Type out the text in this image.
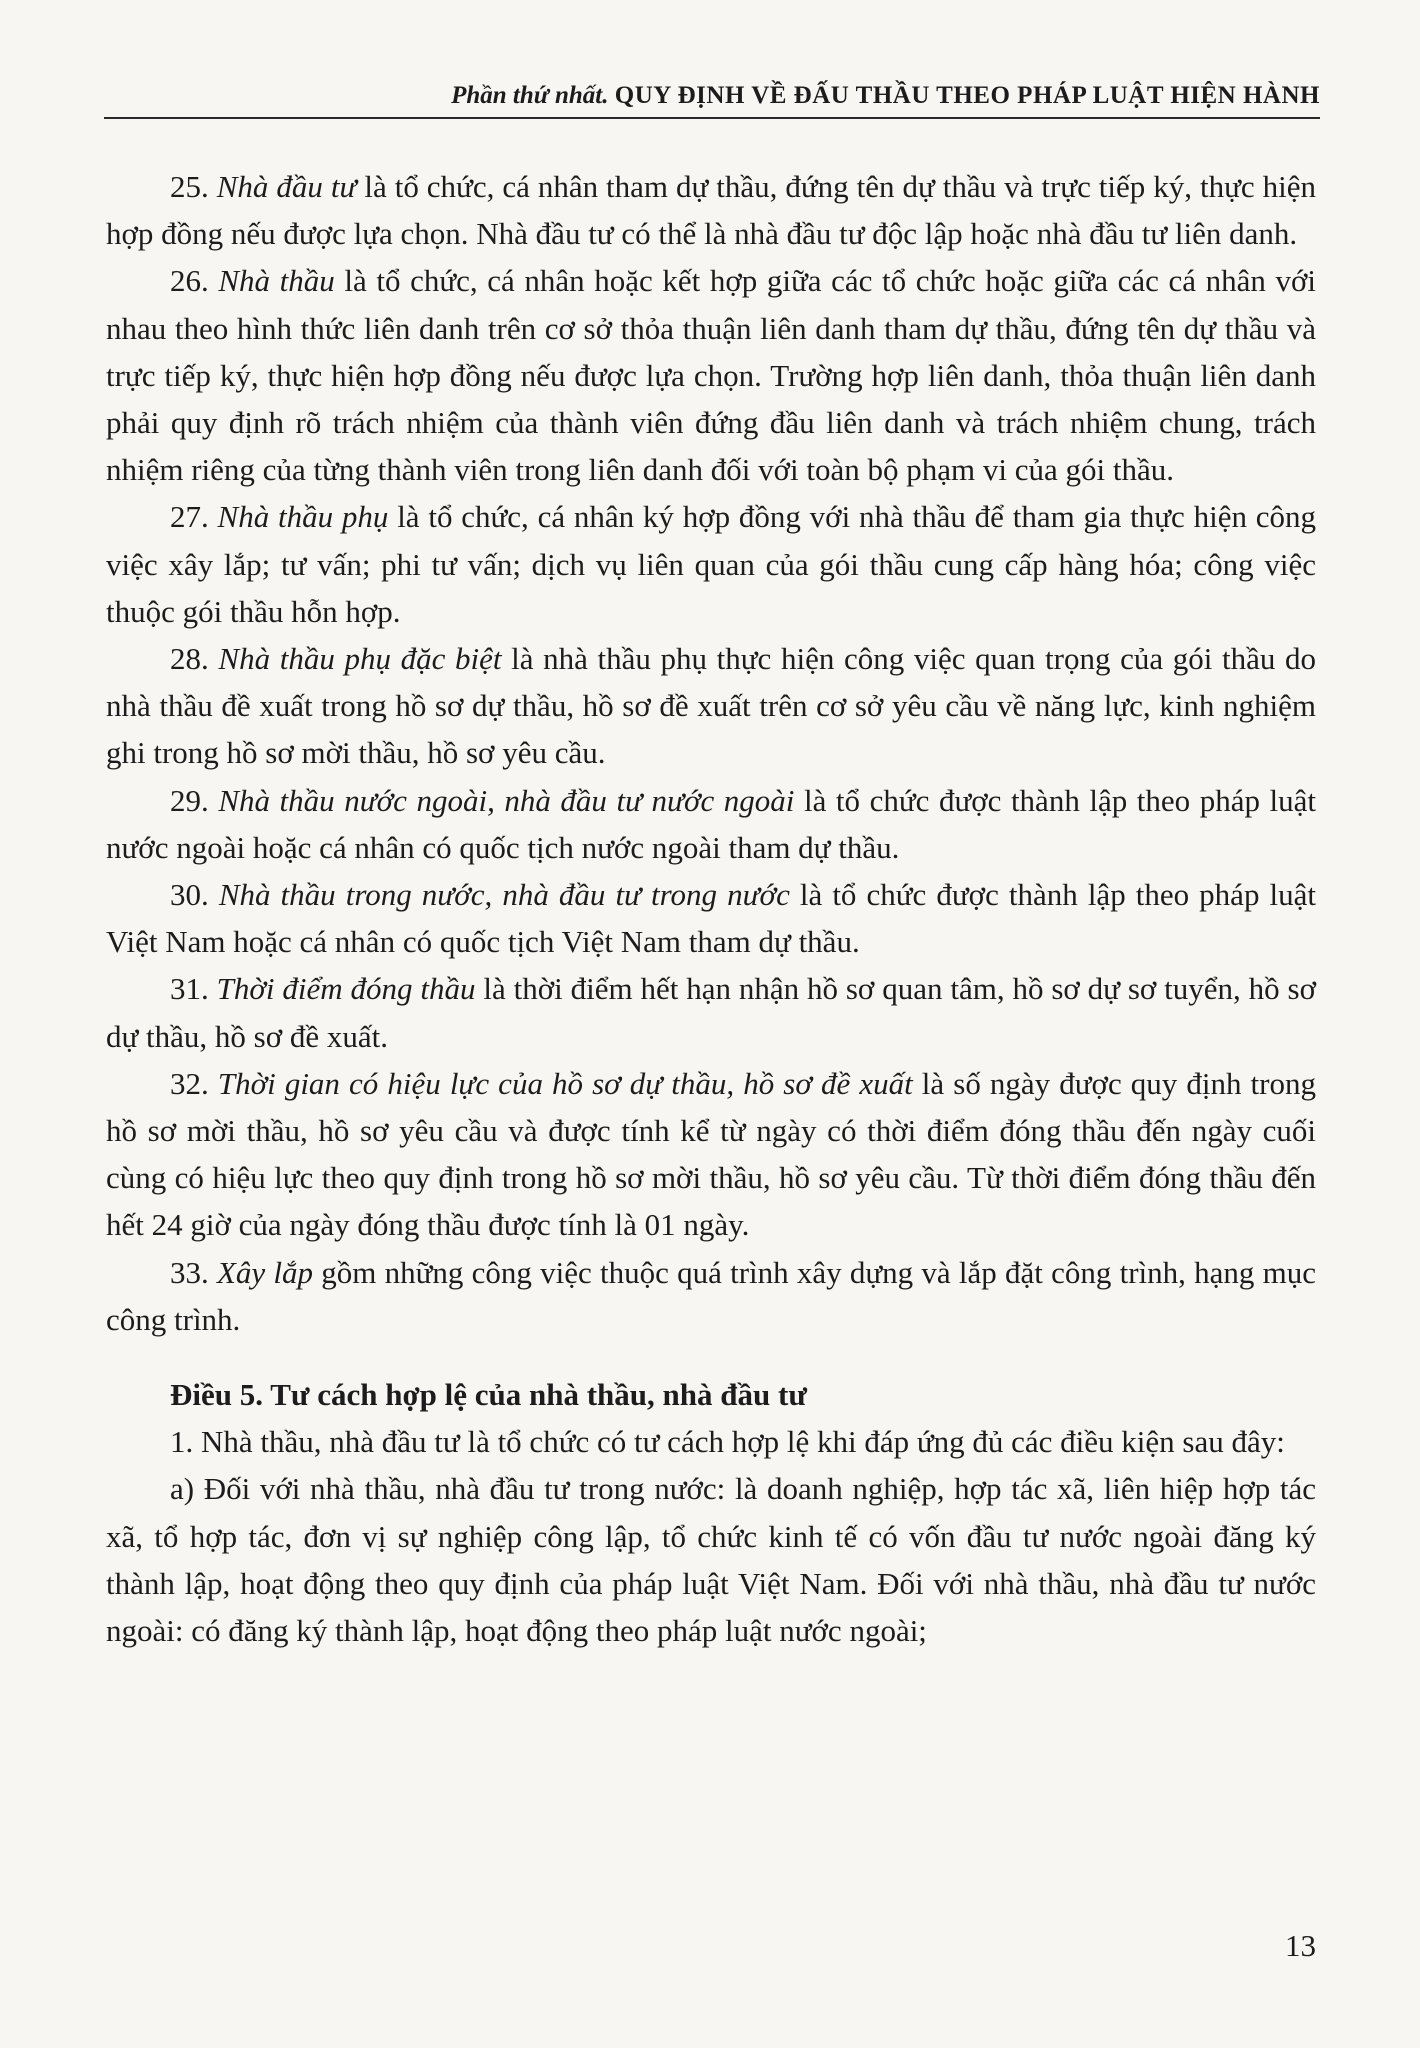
Phần thứ nhất. QUY ĐỊNH VỀ ĐẤU THẦU THEO PHÁP LUẬT HIỆN HÀNH

25. Nhà đầu tư là tổ chức, cá nhân tham dự thầu, đứng tên dự thầu và trực tiếp ký, thực hiện hợp đồng nếu được lựa chọn. Nhà đầu tư có thể là nhà đầu tư độc lập hoặc nhà đầu tư liên danh.

26. Nhà thầu là tổ chức, cá nhân hoặc kết hợp giữa các tổ chức hoặc giữa các cá nhân với nhau theo hình thức liên danh trên cơ sở thỏa thuận liên danh tham dự thầu, đứng tên dự thầu và trực tiếp ký, thực hiện hợp đồng nếu được lựa chọn. Trường hợp liên danh, thỏa thuận liên danh phải quy định rõ trách nhiệm của thành viên đứng đầu liên danh và trách nhiệm chung, trách nhiệm riêng của từng thành viên trong liên danh đối với toàn bộ phạm vi của gói thầu.

27. Nhà thầu phụ là tổ chức, cá nhân ký hợp đồng với nhà thầu để tham gia thực hiện công việc xây lắp; tư vấn; phi tư vấn; dịch vụ liên quan của gói thầu cung cấp hàng hóa; công việc thuộc gói thầu hỗn hợp.

28. Nhà thầu phụ đặc biệt là nhà thầu phụ thực hiện công việc quan trọng của gói thầu do nhà thầu đề xuất trong hồ sơ dự thầu, hồ sơ đề xuất trên cơ sở yêu cầu về năng lực, kinh nghiệm ghi trong hồ sơ mời thầu, hồ sơ yêu cầu.

29. Nhà thầu nước ngoài, nhà đầu tư nước ngoài là tổ chức được thành lập theo pháp luật nước ngoài hoặc cá nhân có quốc tịch nước ngoài tham dự thầu.

30. Nhà thầu trong nước, nhà đầu tư trong nước là tổ chức được thành lập theo pháp luật Việt Nam hoặc cá nhân có quốc tịch Việt Nam tham dự thầu.

31. Thời điểm đóng thầu là thời điểm hết hạn nhận hồ sơ quan tâm, hồ sơ dự sơ tuyển, hồ sơ dự thầu, hồ sơ đề xuất.

32. Thời gian có hiệu lực của hồ sơ dự thầu, hồ sơ đề xuất là số ngày được quy định trong hồ sơ mời thầu, hồ sơ yêu cầu và được tính kể từ ngày có thời điểm đóng thầu đến ngày cuối cùng có hiệu lực theo quy định trong hồ sơ mời thầu, hồ sơ yêu cầu. Từ thời điểm đóng thầu đến hết 24 giờ của ngày đóng thầu được tính là 01 ngày.

33. Xây lắp gồm những công việc thuộc quá trình xây dựng và lắp đặt công trình, hạng mục công trình.

Điều 5. Tư cách hợp lệ của nhà thầu, nhà đầu tư

1. Nhà thầu, nhà đầu tư là tổ chức có tư cách hợp lệ khi đáp ứng đủ các điều kiện sau đây:

a) Đối với nhà thầu, nhà đầu tư trong nước: là doanh nghiệp, hợp tác xã, liên hiệp hợp tác xã, tổ hợp tác, đơn vị sự nghiệp công lập, tổ chức kinh tế có vốn đầu tư nước ngoài đăng ký thành lập, hoạt động theo quy định của pháp luật Việt Nam. Đối với nhà thầu, nhà đầu tư nước ngoài: có đăng ký thành lập, hoạt động theo pháp luật nước ngoài;

13
